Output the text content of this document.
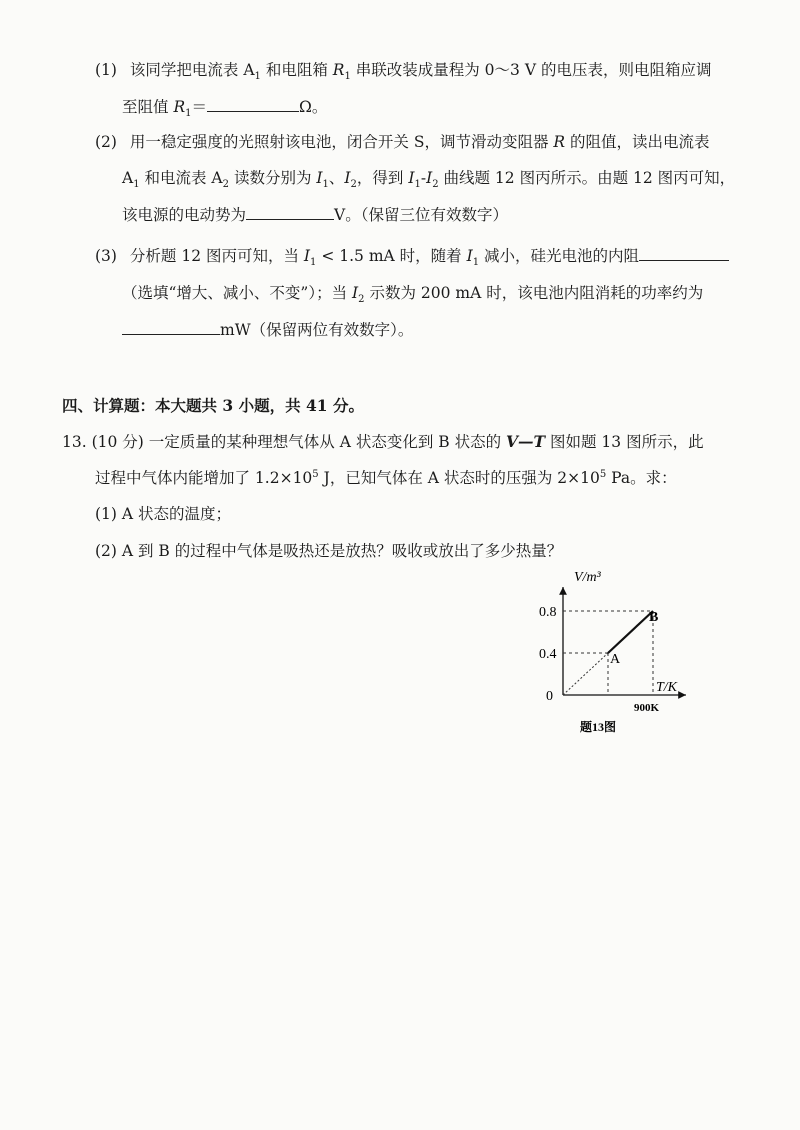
(1) 该同学把电流表 $A_1$ 和电阻箱 $R_1$ 串联改装成量程为 0～3 V 的电压表，则电阻箱应调
至阻值 $R_1=$	Ω。
(2) 用一稳定强度的光照射该电池，闭合开关 S，调节滑动变阻器 R 的阻值，读出电流表
$A_1$ 和电流表 $A_2$ 读数分别为 $I_1$、$I_2$，得到 $I_1-I_2$ 曲线题 12 图丙所示。由题 12 图丙可知，
该电源的电动势为	V。（保留三位有效数字）
(3) 分析题 12 图丙可知，当 $I_1 < 1.5$ mA 时，随着 $I_1$ 减小，硅光电池的内阻
（选填“增大、减小、不变”）；当 $I_2$ 示数为 200 mA 时，该电池内阻消耗的功率约为
mW（保留两位有效数字）。
四、计算题：本大题共 3 小题，共 41 分。
13. (10 分) 一定质量的某种理想气体从 A 状态变化到 B 状态的 V—T 图如题 13 图所示，此
过程中气体内能增加了 $1.2\times 10^5$ J，已知气体在 A 状态时的压强为 $2\times 10^5$ Pa。求：
(1) A 状态的温度；
(2) A 到 B 的过程中气体是吸热还是放热？吸收或放出了多少热量？
V/m³
T/K
0.8
0.4
0
900K
A
B
题13图
